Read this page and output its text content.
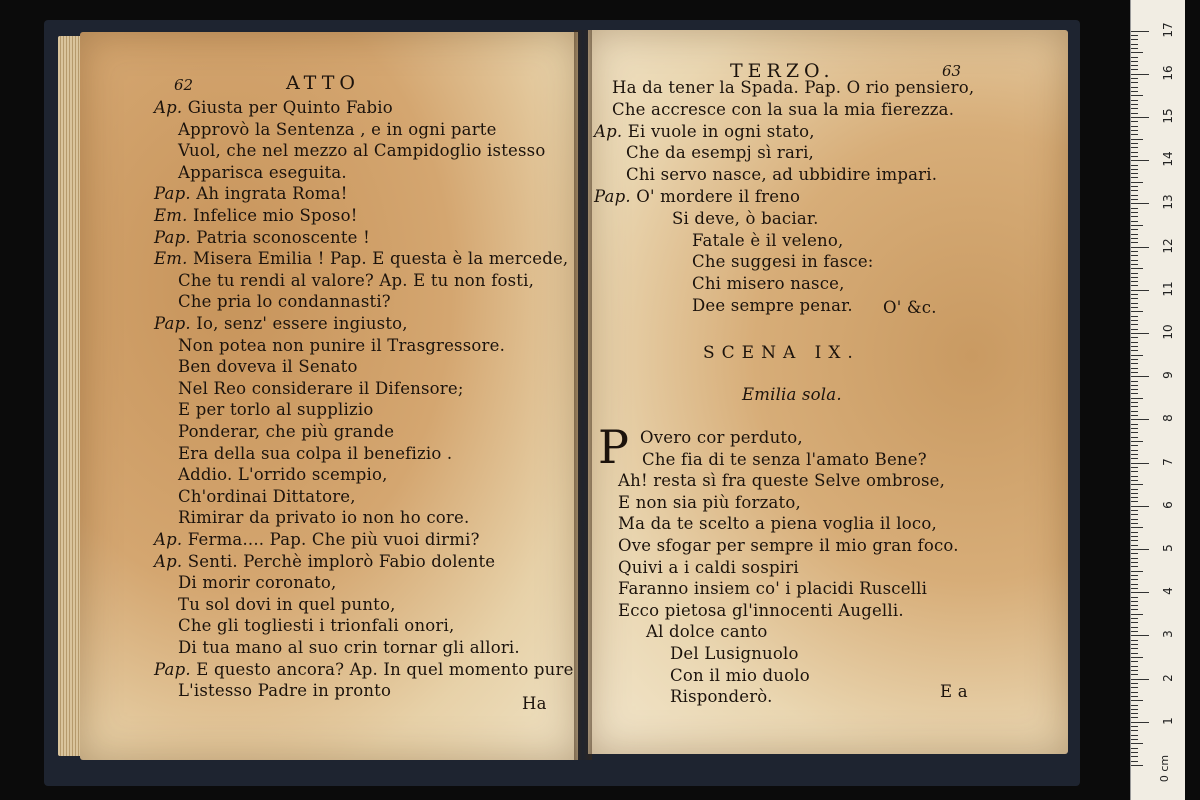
62	ATTO
Ap. Giusta per Quinto Fabio
Approvò la Sentenza , e in ogni parte
Vuol, che nel mezzo al Campidoglio istesso
Apparisca eseguita.
Pap. Ah ingrata Roma!
Em. Infelice mio Sposo!
Pap. Patria sconoscente !
Em. Misera Emilia ! Pap. E questa è la mercede,
Che tu rendi al valore? Ap. E tu non fosti,
Che pria lo condannasti?
Pap. Io, senz' essere ingiusto,
Non potea non punire il Trasgressore.
Ben doveva il Senato
Nel Reo considerare il Difensore;
E per torlo al supplizio
Ponderar, che più grande
Era della sua colpa il benefizio .
Addio. L'orrido scempio,
Ch'ordinai Dittatore,
Rimirar da privato io non ho core.
Ap. Ferma.... Pap. Che più vuoi dirmi?
Ap. Senti. Perchè implorò Fabio dolente
Di morir coronato,
Tu sol dovi in quel punto,
Che gli togliesti i trionfali onori,
Di tua mano al suo crin tornar gli allori.
Pap. E questo ancora? Ap. In quel momento pure
L'istesso Padre in pronto
Ha
TERZO.	63
Ha da tener la Spada. Pap. O rio pensiero,
Che accresce con la sua la mia fierezza.
Ap. Ei vuole in ogni stato,
Che da esempj sì rari,
Chi servo nasce, ad ubbidire impari.
Pap. O' mordere il freno
Si deve, ò baciar.
Fatale è il veleno,
Che suggesi in fasce:
Chi misero nasce,
Dee sempre penar. O' &c.
SCENA IX.
Emilia sola.
P Overo cor perduto,
Che fia di te senza l'amato Bene?
Ah! resta sì fra queste Selve ombrose,
E non sia più forzato,
Ma da te scelto a piena voglia il loco,
Ove sfogar per sempre il mio gran foco.
Quivi a i caldi sospiri
Faranno insiem co' i placidi Ruscelli
Ecco pietosa gl'innocenti Augelli.
Al dolce canto
Del Lusignuolo
Con il mio duolo
Risponderò.	E a
0 cm
1
2
3
4
5
6
7
8
9
10
11
12
13
14
15
16
17
